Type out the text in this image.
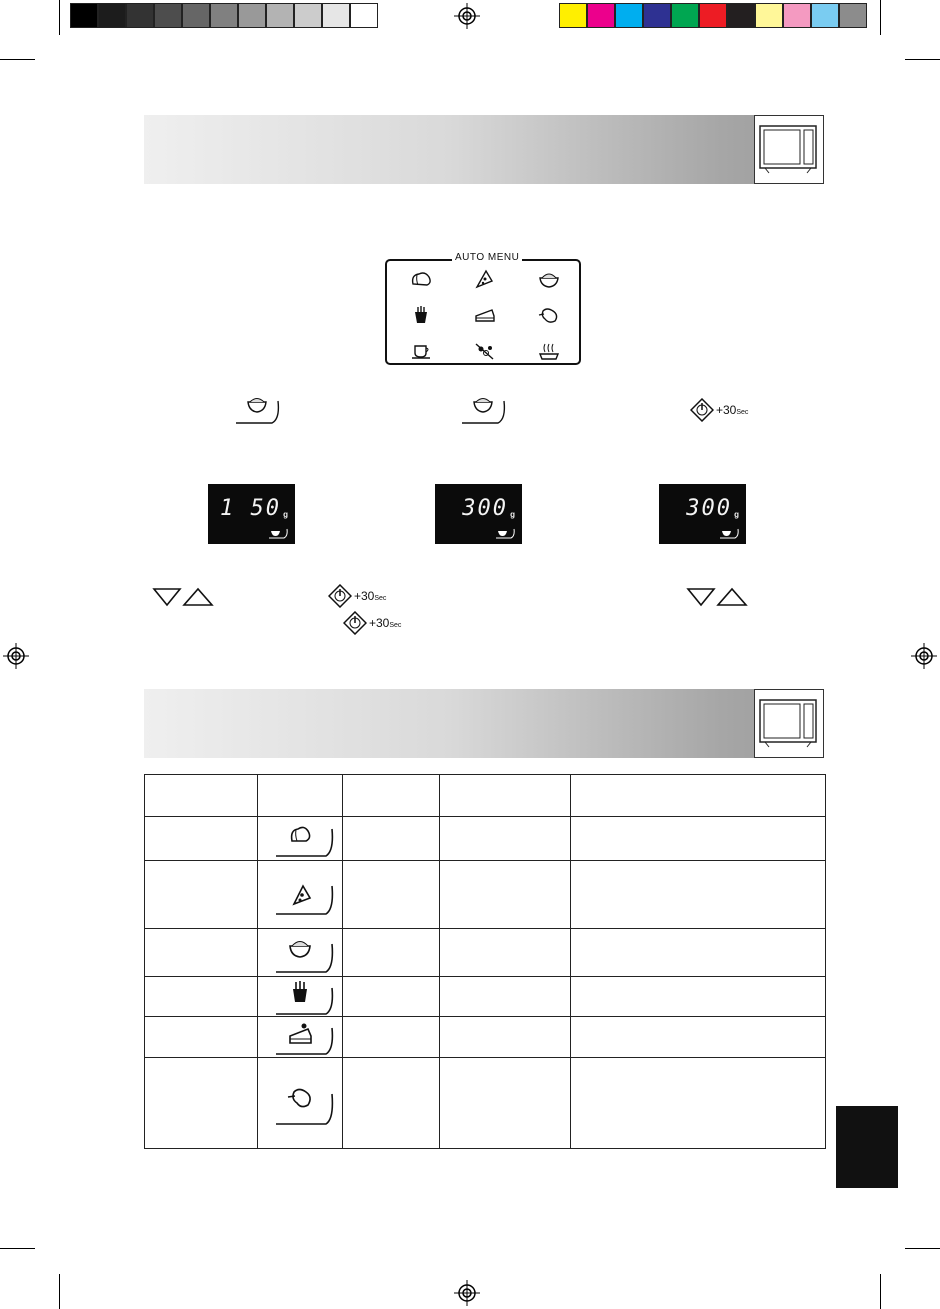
AUTO MENU
+30Sec
1 50 g	300 g	300 g
+30Sec
+30Sec
